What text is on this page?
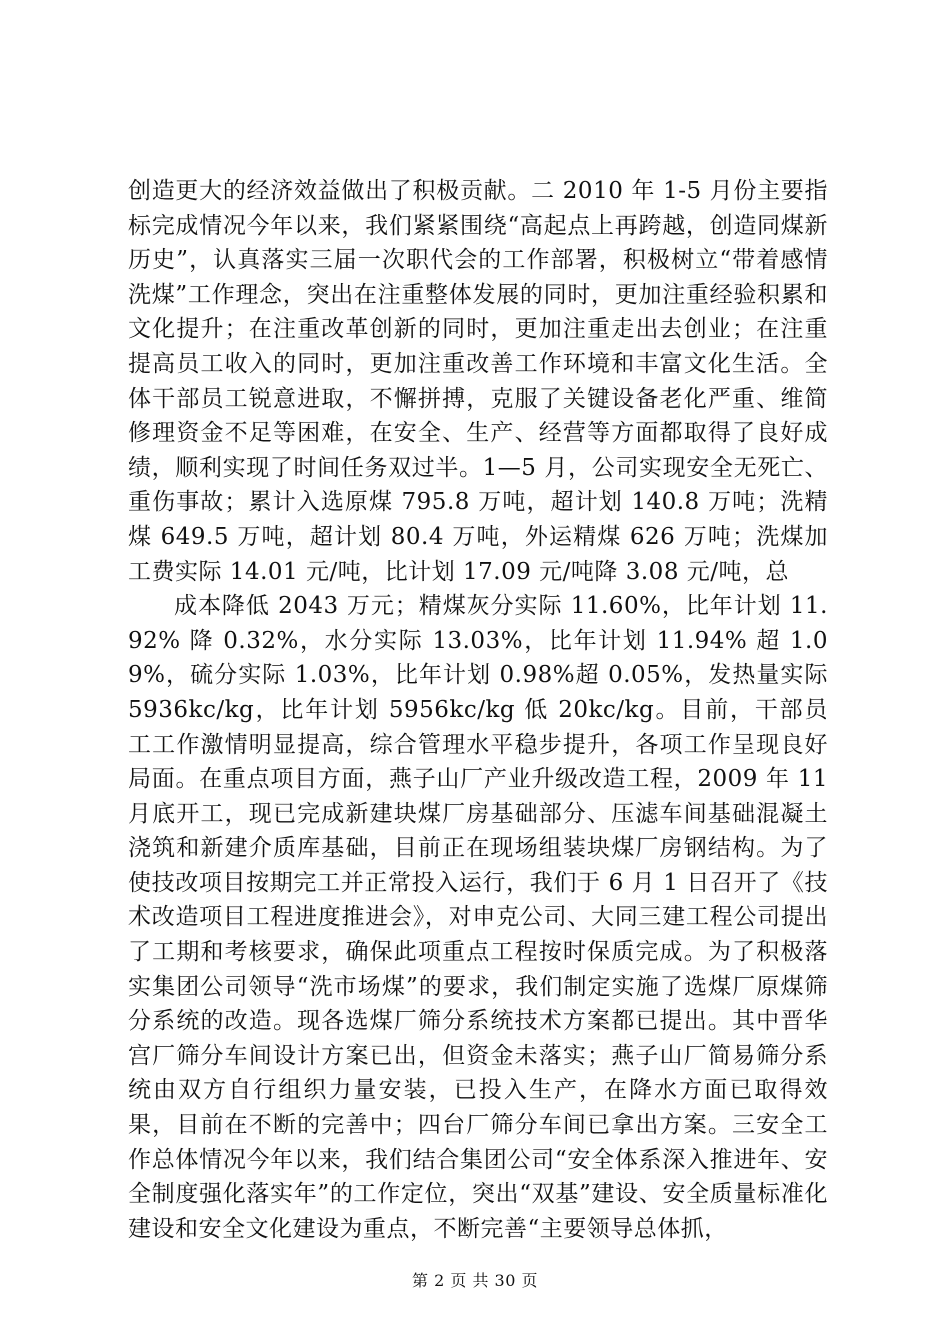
创造更大的经济效益做出了积极贡献。二 2010 年 1-5 月份主要指标完成情况今年以来，我们紧紧围绕“高起点上再跨越，创造同煤新历史”，认真落实三届一次职代会的工作部署，积极树立“带着感情洗煤”工作理念，突出在注重整体发展的同时，更加注重经验积累和文化提升；在注重改革创新的同时，更加注重走出去创业；在注重提高员工收入的同时，更加注重改善工作环境和丰富文化生活。全体干部员工锐意进取，不懈拼搏，克服了关键设备老化严重、维简修理资金不足等困难，在安全、生产、经营等方面都取得了良好成绩，顺利实现了时间任务双过半。1—5 月，公司实现安全无死亡、重伤事故；累计入选原煤 795.8 万吨，超计划 140.8 万吨；洗精煤 649.5 万吨，超计划 80.4 万吨，外运精煤 626 万吨；洗煤加工费实际 14.01 元/吨，比计划 17.09 元/吨降 3.08 元/吨，总

成本降低 2043 万元；精煤灰分实际 11.60%，比年计划 11.92% 降 0.32%，水分实际 13.03%，比年计划 11.94% 超 1.09%，硫分实际 1.03%，比年计划 0.98%超 0.05%，发热量实际 5936kc/kg，比年计划 5956kc/kg 低 20kc/kg。目前，干部员工工作激情明显提高，综合管理水平稳步提升，各项工作呈现良好局面。在重点项目方面，燕子山厂产业升级改造工程，2009 年 11 月底开工，现已完成新建块煤厂房基础部分、压滤车间基础混凝土浇筑和新建介质库基础，目前正在现场组装块煤厂房钢结构。为了使技改项目按期完工并正常投入运行，我们于 6 月 1 日召开了《技术改造项目工程进度推进会》，对申克公司、大同三建工程公司提出了工期和考核要求，确保此项重点工程按时保质完成。为了积极落实集团公司领导“洗市场煤”的要求，我们制定实施了选煤厂原煤筛分系统的改造。现各选煤厂筛分系统技术方案都已提出。其中晋华宫厂筛分车间设计方案已出，但资金未落实；燕子山厂简易筛分系统由双方自行组织力量安装，已投入生产，在降水方面已取得效果，目前在不断的完善中；四台厂筛分车间已拿出方案。三安全工作总体情况今年以来，我们结合集团公司“安全体系深入推进年、安全制度强化落实年”的工作定位，突出“双基”建设、安全质量标准化建设和安全文化建设为重点，不断完善“主要领导总体抓，

第 2 页 共 30 页
